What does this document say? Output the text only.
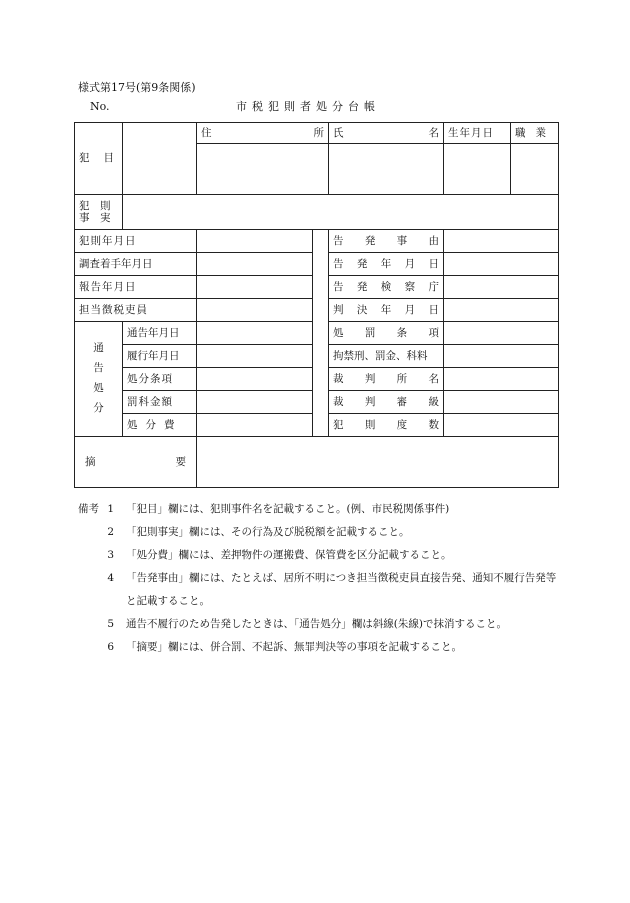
様式第17号(第9条関係)
No.	市税犯則者処分台帳
犯 目		住 所		氏 名	生年月日	職 業

犯　則
事　実						

犯則年月日				告 発 事 由		

調査着手年月日				告 発 年 月 日		

報告年月日				告 発 検 察 庁		

担当徴税吏員				判 決 年 月 日		

通
告
処
分	通告年月日			処 罰 条 項		

	履行年月日			拘禁刑、罰金、科料		
	処分条項			裁 判 所 名		

	罰科金額			裁 判 審 級		

	処分費			犯 則 度 数		

摘 要						

備考 1	「犯目」欄には、犯則事件名を記載すること。(例、市民税関係事件)
2	「犯則事実」欄には、その行為及び脱税額を記載すること。
3	「処分費」欄には、差押物件の運搬費、保管費を区分記載すること。
4	「告発事由」欄には、たとえば、居所不明につき担当徴税吏員直接告発、通知不履行告発等と記載すること。
5	通告不履行のため告発したときは、「通告処分」欄は斜線(朱線)で抹消すること。
6	「摘要」欄には、併合罰、不起訴、無罪判決等の事項を記載すること。
